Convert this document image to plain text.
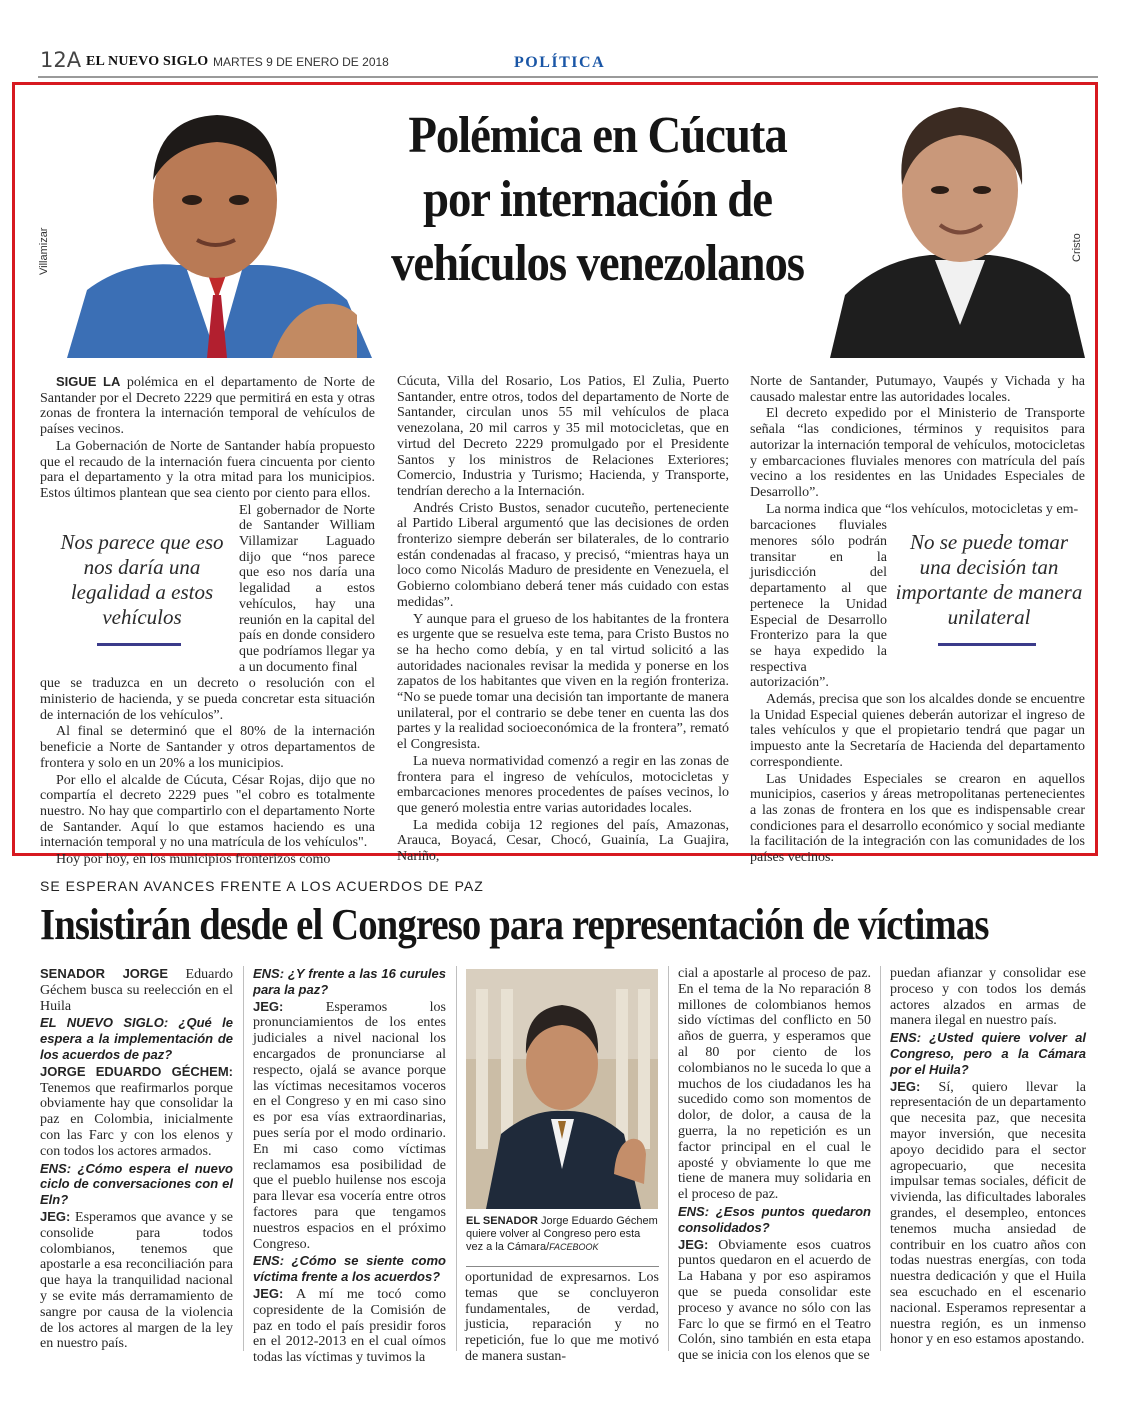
12A EL NUEVO SIGLO MARTES 9 DE ENERO DE 2018	POLÍTICA
Villamizar
Polémica en Cúcuta por internación de vehículos venezolanos	Cristo

SIGUE LA polémica en el departamento de Norte de Santander por el Decreto 2229 que permitirá en esta y otras zonas de frontera la internación temporal de vehículos de países vecinos.

La Gobernación de Norte de Santander había propuesto que el recaudo de la internación fuera cincuenta por ciento para el departamento y la otra mitad para los municipios. Estos últimos plantean que sea ciento por ciento para ellos.

El gobernador de Norte de Santander William Villamizar Laguado dijo que “nos parece que eso nos daría una legalidad a estos vehículos, hay una reunión en la capital del país en donde considero que podríamos llegar ya a un documento final

que se traduzca en un decreto o resolución con el ministerio de hacienda, y se pueda concretar esta situación de internación de los vehículos”.

Al final se determinó que el 80% de la internación beneficie a Norte de Santander y otros departamentos de frontera y solo en un 20% a los municipios.

Por ello el alcalde de Cúcuta, César Rojas, dijo que no compartía el decreto 2229 pues "el cobro es totalmente nuestro. No hay que compartirlo con el departamento Norte de Santander. Aquí lo que estamos haciendo es una internación temporal y no una matrícula de los vehículos".

Hoy por hoy, en los municipios fronterizos como

Nos parece que eso nos daría una legalidad a estos vehículos

Cúcuta, Villa del Rosario, Los Patios, El Zulia, Puerto Santander, entre otros, todos del departamento de Norte de Santander, circulan unos 55 mil vehículos de placa venezolana, 20 mil carros y 35 mil motocicletas, que en virtud del Decreto 2229 promulgado por el Presidente Santos y los ministros de Relaciones Exteriores; Comercio, Industria y Turismo; Hacienda, y Transporte, tendrían derecho a la Internación.

Andrés Cristo Bustos, senador cucuteño, perteneciente al Partido Liberal argumentó que las decisiones de orden fronterizo siempre deberán ser bilaterales, de lo contrario están condenadas al fracaso, y precisó, “mientras haya un loco como Nicolás Maduro de presidente en Venezuela, el Gobierno colombiano deberá tener más cuidado con estas medidas”.

Y aunque para el grueso de los habitantes de la frontera es urgente que se resuelva este tema, para Cristo Bustos no se ha hecho como debía, y en tal virtud solicitó a las autoridades nacionales revisar la medida y ponerse en los zapatos de los habitantes que viven en la región fronteriza. “No se puede tomar una decisión tan importante de manera unilateral, por el contrario se debe tener en cuenta las dos partes y la realidad socioeconómica de la frontera”, remató el Congresista.

La nueva normatividad comenzó a regir en las zonas de frontera para el ingreso de vehículos, motocicletas y embarcaciones menores procedentes de países vecinos, lo que generó molestia entre varias autoridades locales.

La medida cobija 12 regiones del país, Amazonas, Arauca, Boyacá, Cesar, Chocó, Guainía, La Guajira, Nariño,

Norte de Santander, Putumayo, Vaupés y Vichada y ha causado malestar entre las autoridades locales.

El decreto expedido por el Ministerio de Transporte señala “las condiciones, términos y requisitos para autorizar la internación temporal de vehículos, motocicletas y embarcaciones fluviales menores con matrícula del país vecino a los residentes en las Unidades Especiales de Desarrollo”.

La norma indica que “los vehículos, motocicletas y em-

barcaciones fluviales menores sólo podrán transitar en la jurisdicción del departamento al que pertenece la Unidad Especial de Desarrollo Fronterizo para la que se haya expedido la respectiva autorización”.

Además, precisa que son los alcaldes donde se encuentre la Unidad Especial quienes deberán autorizar el ingreso de tales vehículos y que el propietario tendrá que pagar un impuesto ante la Secretaría de Hacienda del departamento correspondiente.

Las Unidades Especiales se crearon en aquellos municipios, caserios y áreas metropolitanas pertenecientes a las zonas de frontera en los que es indispensable crear condiciones para el desarrollo económico y social mediante la facilitación de la integración con las comunidades de los países vecinos.

No se puede tomar una decisión tan importante de manera unilateral
SE ESPERAN AVANCES FRENTE A LOS ACUERDOS DE PAZ
Insistirán desde el Congreso para representación de víctimas

SENADOR JORGE Eduardo Géchem busca su reelección en el Huila

EL NUEVO SIGLO: ¿Qué le espera a la implementación de los acuerdos de paz?

JORGE EDUARDO GÉCHEM: Tenemos que reafirmarlos porque obviamente hay que consolidar la paz en Colombia, inicialmente con las Farc y con los elenos y con todos los actores armados.

ENS: ¿Cómo espera el nuevo ciclo de conversaciones con el Eln?

JEG: Esperamos que avance y se consolide para todos colombianos, tenemos que apostarle a esa reconciliación para que haya la tranquilidad nacional y se evite más derramamiento de sangre por causa de la violencia de los actores al margen de la ley en nuestro país.

ENS: ¿Y frente a las 16 curules para la paz?

JEG: Esperamos los pronunciamientos de los entes judiciales a nivel nacional los encargados de pronunciarse al respecto, ojalá se avance porque las víctimas necesitamos voceros en el Congreso y en mi caso sino es por esa vías extraordinarias, pues sería por el modo ordinario. En mi caso como víctimas reclamamos esa posibilidad de que el pueblo huilense nos escoja para llevar esa vocería entre otros factores para que tengamos nuestros espacios en el próximo Congreso.

ENS: ¿Cómo se siente como víctima frente a los acuerdos?

JEG: A mí me tocó como copresidente de la Comisión de paz en todo el país presidir foros en el 2012-2013 en el cual oímos todas las víctimas y tuvimos la

EL SENADOR Jorge Eduardo Géchem quiere volver al Congreso pero esta vez a la Cámara/FACEBOOK

oportunidad de expresarnos. Los temas que se concluyeron fundamentales, de verdad, justicia, reparación y no repetición, fue lo que me motivó de manera sustan-

cial a apostarle al proceso de paz. En el tema de la No reparación 8 millones de colombianos hemos sido víctimas del conflicto en 50 años de guerra, y esperamos que al 80 por ciento de los colombianos no le suceda lo que a muchos de los ciudadanos les ha sucedido como son momentos de dolor, de dolor, a causa de la guerra, la no repetición es un factor principal en el cual le aposté y obviamente lo que me tiene de manera muy solidaria en el proceso de paz.

ENS: ¿Esos puntos quedaron consolidados?

JEG: Obviamente esos cuatros puntos quedaron en el acuerdo de La Habana y por eso aspiramos que se pueda consolidar este proceso y avance no sólo con las Farc lo que se firmó en el Teatro Colón, sino también en esta etapa que se inicia con los elenos que se

puedan afianzar y consolidar ese proceso y con todos los demás actores alzados en armas de manera ilegal en nuestro país.

ENS: ¿Usted quiere volver al Congreso, pero a la Cámara por el Huila?

JEG: Sí, quiero llevar la representación de un departamento que necesita paz, que necesita mayor inversión, que necesita apoyo decidido para el sector agropecuario, que necesita impulsar temas sociales, déficit de vivienda, las dificultades laborales grandes, el desempleo, entonces tenemos mucha ansiedad de contribuir en los cuatro años con todas nuestras energías, con toda nuestra dedicación y que el Huila sea escuchado en el escenario nacional. Esperamos representar a nuestra región, es un inmenso honor y en eso estamos apostando.
